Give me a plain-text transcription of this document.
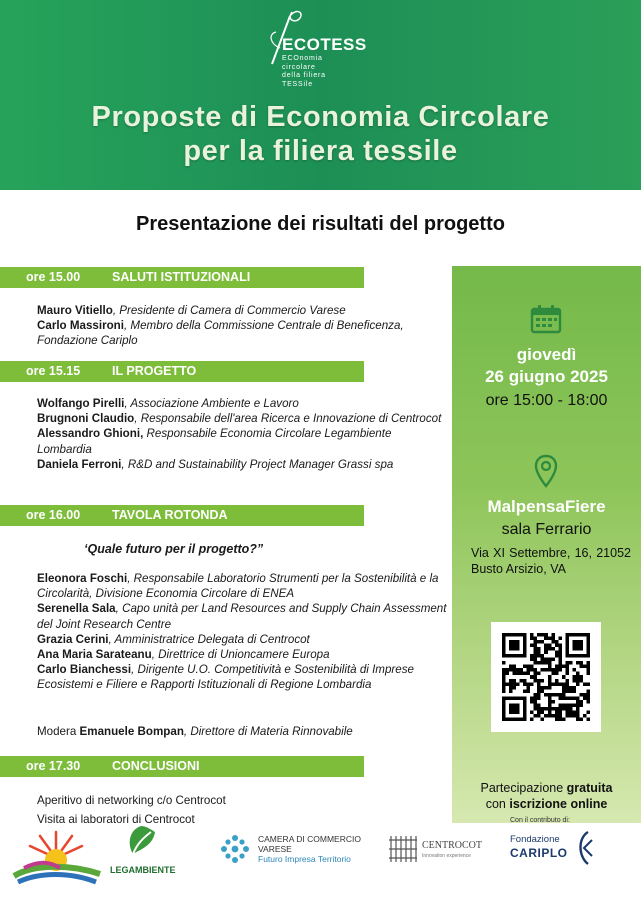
ECOTESS
ECOnomia
circolare
della filiera
TESSile
Proposte di Economia Circolare
per la filiera tessile
Presentazione dei risultati del progetto
ore 15.00	SALUTI ISTITUZIONALI
Mauro Vitiello, Presidente di Camera di Commercio Varese
Carlo Massironi, Membro della Commissione Centrale di Beneficenza, Fondazione Cariplo
ore 15.15	IL PROGETTO
Wolfango Pirelli, Associazione Ambiente e Lavoro
Brugnoni Claudio, Responsabile dell'area Ricerca e Innovazione di Centrocot
Alessandro Ghioni, Responsabile Economia Circolare Legambiente Lombardia
Daniela Ferroni, R&D and Sustainability Project Manager Grassi spa
ore 16.00	TAVOLA ROTONDA
‘Quale futuro per il progetto?”
Eleonora Foschi, Responsabile Laboratorio Strumenti per la Sostenibilità e la Circolarità, Divisione Economia Circolare di ENEA
Serenella Sala, Capo unità per Land Resources and Supply Chain Assessment del Joint Research Centre
Grazia Cerini, Amministratrice Delegata di Centrocot
Ana Maria Sarateanu, Direttrice di Unioncamere Europa
Carlo Bianchessi, Dirigente U.O. Competitività e Sostenibilità di Imprese Ecosistemi e Filiere e Rapporti Istituzionali di Regione Lombardia
Modera Emanuele Bompan, Direttore di Materia Rinnovabile
ore 17.30	CONCLUSIONI
Aperitivo di networking c/o Centrocot
Visita ai laboratori di Centrocot
giovedì
26 giugno 2025
ore 15:00 - 18:00
MalpensaFiere
sala Ferrario
Via XI Settembre, 16, 21052 Busto Arsizio, VA
Partecipazione gratuita
con iscrizione online
LEGAMBIENTE
CAMERA DI COMMERCIO
VARESE
Futuro Impresa Territorio
CENTROCOT
Innovation experience
Con il contributo di:
Fondazione
CARIPLO
